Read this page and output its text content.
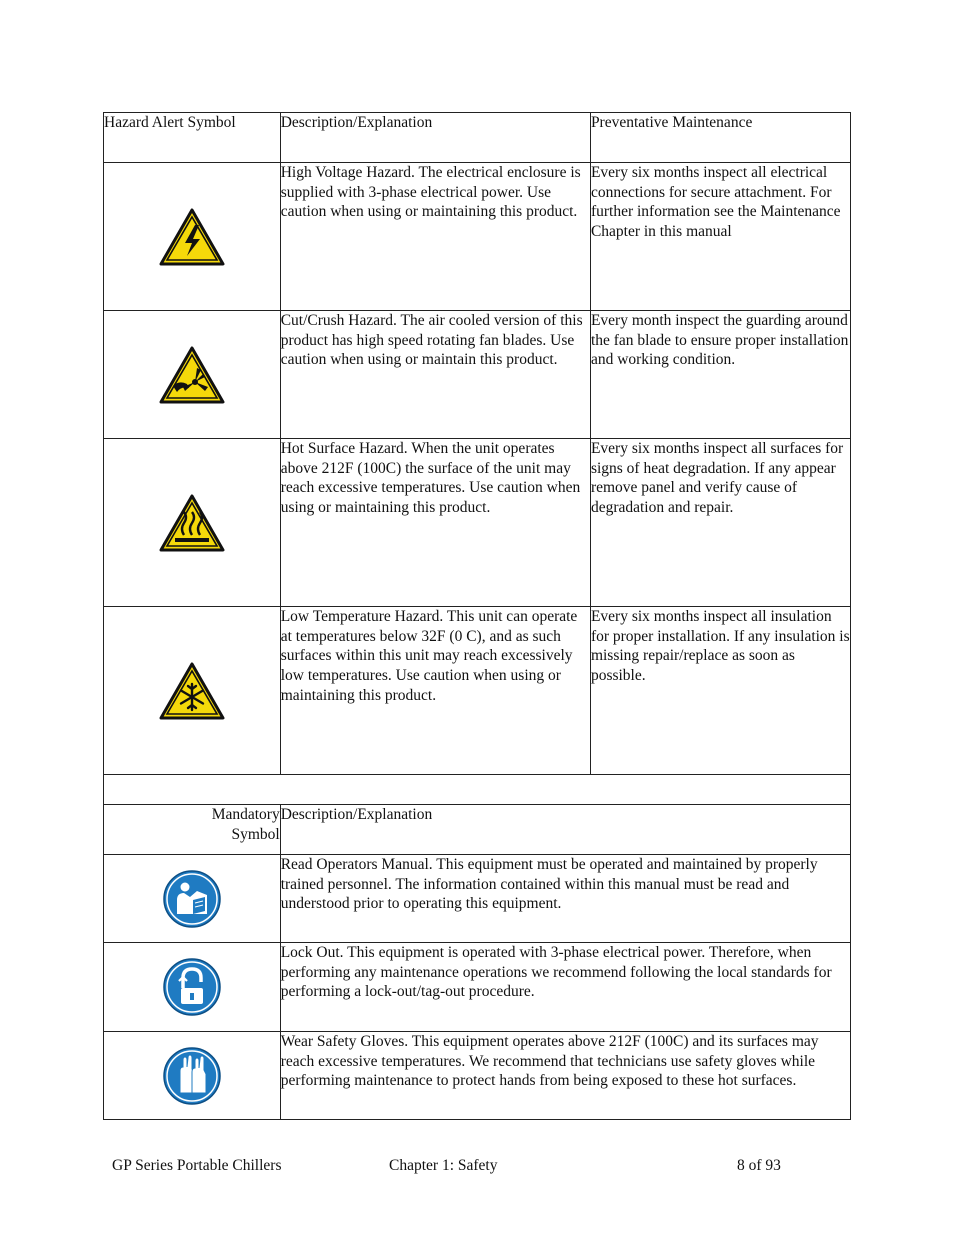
Hazard Alert Symbol	Description/Explanation	Preventative Maintenance

	High Voltage Hazard. The electrical enclosure is supplied with 3-phase electrical power. Use caution when using or maintaining this product.	Every six months inspect all electrical connections for secure attachment. For further information see the Maintenance Chapter in this manual

	Cut/Crush Hazard. The air cooled version of this product has high speed rotating fan blades. Use caution when using or maintain this product.	Every month inspect the guarding around the fan blade to ensure proper installation and working condition.

	Hot Surface Hazard. When the unit operates above 212F (100C) the surface of the unit may reach excessive temperatures. Use caution when using or maintaining this product.	Every six months inspect all surfaces for signs of heat degradation. If any appear remove panel and verify cause of degradation and repair.

	Low Temperature Hazard. This unit can operate at temperatures below 32F (0 C), and as such surfaces within this unit may reach excessively low temperatures. Use caution when using or maintaining this product.	Every six months inspect all insulation for proper installation. If any insulation is missing repair/replace as soon as possible.

Mandatory Symbol	Description/Explanation	

	Read Operators Manual. This equipment must be operated and maintained by properly trained personnel. The information contained within this manual must be read and understood prior to operating this equipment.	

	Lock Out. This equipment is operated with 3-phase electrical power. Therefore, when performing any maintenance operations we recommend following the local standards for performing a lock-out/tag-out procedure.	

	Wear Safety Gloves. This equipment operates above 212F (100C) and its surfaces may reach excessive temperatures. We recommend that technicians use safety gloves while performing maintenance to protect hands from being exposed to these hot surfaces.	
GP Series Portable Chillers	Chapter 1: Safety	8 of 93
